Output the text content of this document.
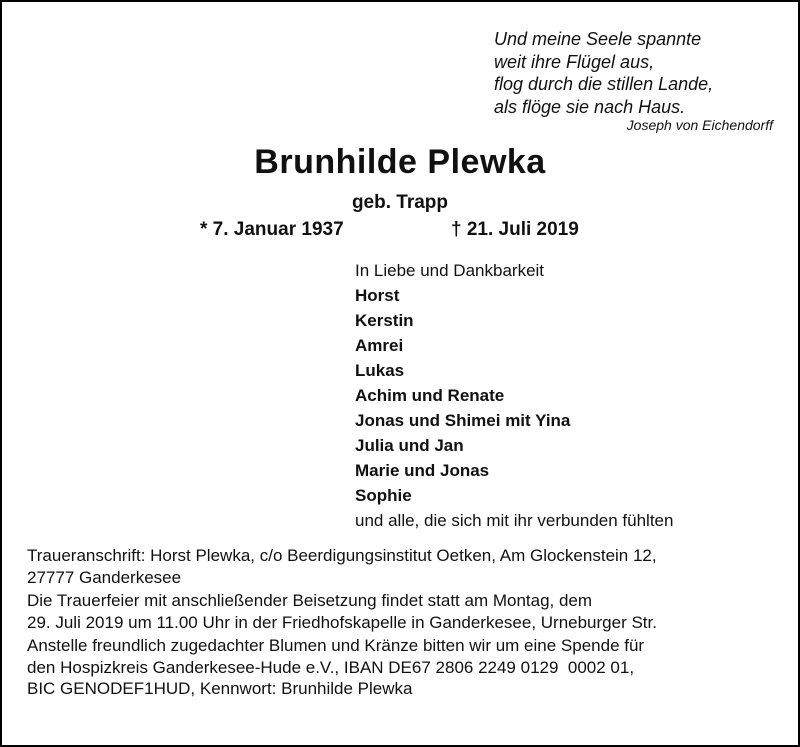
Und meine Seele spannte
weit ihre Flügel aus,
flog durch die stillen Lande,
als flöge sie nach Haus.
Joseph von Eichendorff
Brunhilde Plewka
geb. Trapp
* 7. Januar 1937	† 21. Juli 2019
In Liebe und Dankbarkeit
Horst
Kerstin
Amrei
Lukas
Achim und Renate
Jonas und Shimei mit Yina
Julia und Jan
Marie und Jonas
Sophie
und alle, die sich mit ihr verbunden fühlten

Traueranschrift: Horst Plewka, c/o Beerdigungsinstitut Oetken, Am Glockenstein 12,
27777 Ganderkesee

Die Trauerfeier mit anschließender Beisetzung findet statt am Montag, dem
29. Juli 2019 um 11.00 Uhr in der Friedhofskapelle in Ganderkesee, Urneburger Str.

Anstelle freundlich zugedachter Blumen und Kränze bitten wir um eine Spende für
den Hospizkreis Ganderkesee-Hude e.V., IBAN DE67 2806 2249 0129  0002 01,
BIC GENODEF1HUD, Kennwort: Brunhilde Plewka
